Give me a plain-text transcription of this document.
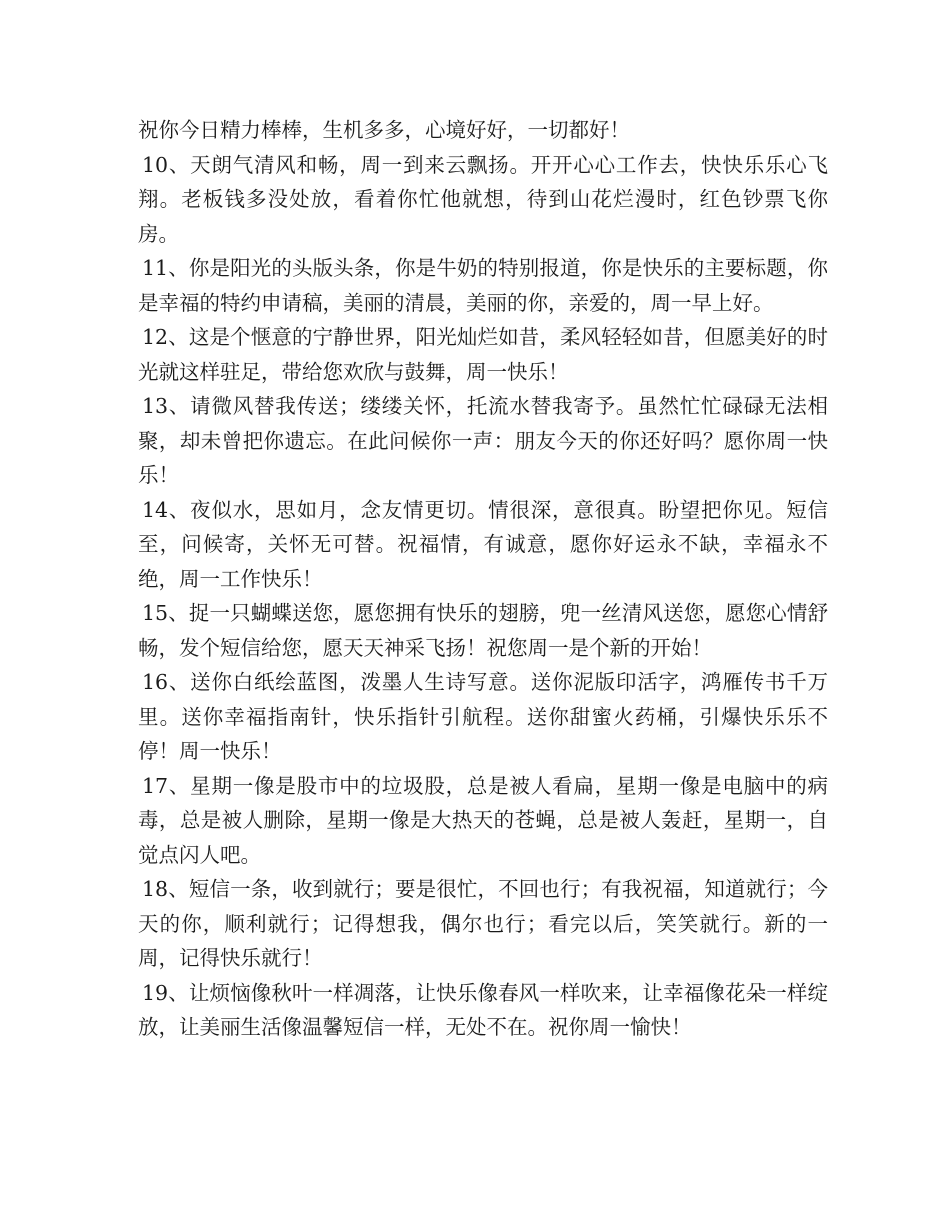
祝你今日精力棒棒，生机多多，心境好好，一切都好！

10、天朗气清风和畅，周一到来云飘扬。开开心心工作去，快快乐乐心飞翔。老板钱多没处放，看着你忙他就想，待到山花烂漫时，红色钞票飞你房。

11、你是阳光的头版头条，你是牛奶的特别报道，你是快乐的主要标题，你是幸福的特约申请稿，美丽的清晨，美丽的你，亲爱的，周一早上好。

12、这是个惬意的宁静世界，阳光灿烂如昔，柔风轻轻如昔，但愿美好的时光就这样驻足，带给您欢欣与鼓舞，周一快乐！

13、请微风替我传送；缕缕关怀，托流水替我寄予。虽然忙忙碌碌无法相聚，却未曾把你遗忘。在此问候你一声：朋友今天的你还好吗？愿你周一快乐！

14、夜似水，思如月，念友情更切。情很深，意很真。盼望把你见。短信至，问候寄，关怀无可替。祝福情，有诚意，愿你好运永不缺，幸福永不绝，周一工作快乐！

15、捉一只蝴蝶送您，愿您拥有快乐的翅膀，兜一丝清风送您，愿您心情舒畅，发个短信给您，愿天天神采飞扬！祝您周一是个新的开始！

16、送你白纸绘蓝图，泼墨人生诗写意。送你泥版印活字，鸿雁传书千万里。送你幸福指南针，快乐指针引航程。送你甜蜜火药桶，引爆快乐乐不停！周一快乐！

17、星期一像是股市中的垃圾股，总是被人看扁，星期一像是电脑中的病毒，总是被人删除，星期一像是大热天的苍蝇，总是被人轰赶，星期一，自觉点闪人吧。

18、短信一条，收到就行；要是很忙，不回也行；有我祝福，知道就行；今天的你，顺利就行；记得想我，偶尔也行；看完以后，笑笑就行。新的一周，记得快乐就行！

19、让烦恼像秋叶一样凋落，让快乐像春风一样吹来，让幸福像花朵一样绽放，让美丽生活像温馨短信一样，无处不在。祝你周一愉快！
